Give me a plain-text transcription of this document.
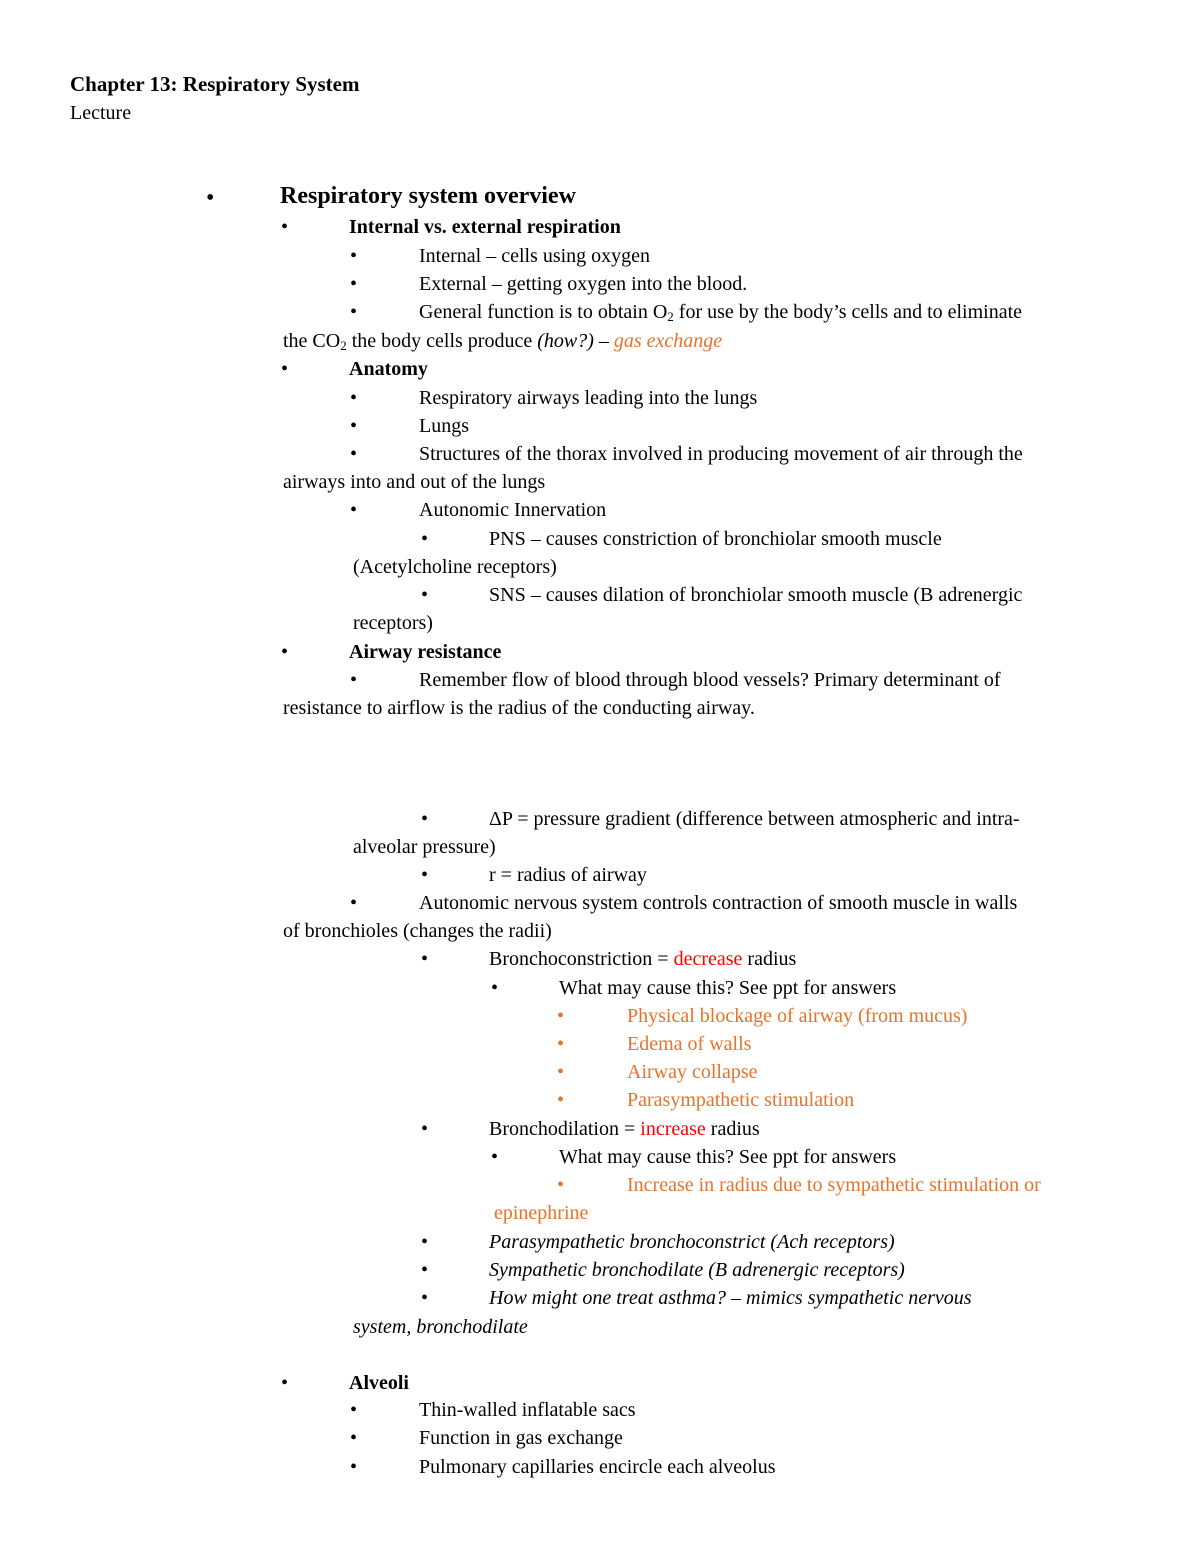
Chapter 13: Respiratory System
Lecture
•	Respiratory system overview
•	Internal vs. external respiration
•	Internal – cells using oxygen
•	External – getting oxygen into the blood.
•	General function is to obtain $O_2$ for use by the body’s cells and to eliminate
the $CO_2$ the body cells produce (how?) – gas exchange
•	Anatomy
•	Respiratory airways leading into the lungs
•	Lungs
•	Structures of the thorax involved in producing movement of air through the
airways into and out of the lungs
•	Autonomic Innervation
•	PNS – causes constriction of bronchiolar smooth muscle
(Acetylcholine receptors)
•	SNS – causes dilation of bronchiolar smooth muscle (B adrenergic
receptors)
•	Airway resistance
•	Remember flow of blood through blood vessels? Primary determinant of
resistance to airflow is the radius of the conducting airway.
•	ΔP = pressure gradient (difference between atmospheric and intra-
alveolar pressure)
•	r = radius of airway
•	Autonomic nervous system controls contraction of smooth muscle in walls
of bronchioles (changes the radii)
•	Bronchoconstriction = decrease radius
•	What may cause this? See ppt for answers
•	Physical blockage of airway (from mucus)
•	Edema of walls
•	Airway collapse
•	Parasympathetic stimulation
•	Bronchodilation = increase radius
•	What may cause this? See ppt for answers
•	Increase in radius due to sympathetic stimulation or
epinephrine
•	Parasympathetic bronchoconstrict (Ach receptors)
•	Sympathetic bronchodilate (B adrenergic receptors)
•	How might one treat asthma? – mimics sympathetic nervous
system, bronchodilate
•	Alveoli
•	Thin-walled inflatable sacs
•	Function in gas exchange
•	Pulmonary capillaries encircle each alveolus
